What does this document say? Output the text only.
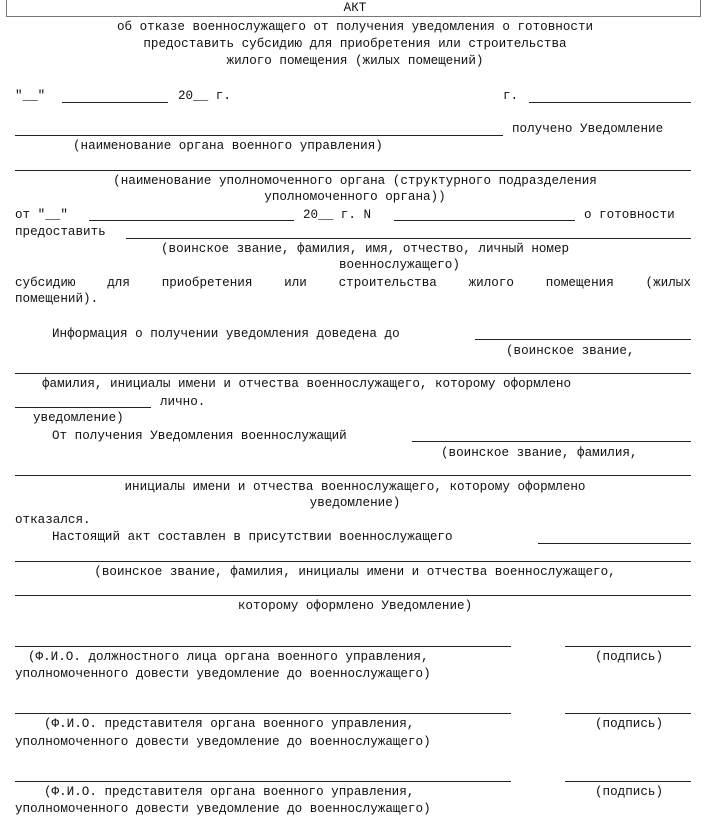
АКТ
об отказе военнослужащего от получения уведомления о готовности
предоставить субсидию для приобретения или строительства
жилого помещения (жилых помещений)
"__"	20__ г.	г.
получено Уведомление
(наименование органа военного управления)
(наименование уполномоченного органа (структурного подразделения
уполномоченного органа))
от "__"	20__ г. N	о готовности
предоставить
(воинское звание, фамилия, имя, отчество, личный номер
военнослужащего)
субсидию	для	приобретения	или	строительства	жилого	помещения	(жилых
помещений).
Информация о получении уведомления доведена до
(воинское звание,
фамилия, инициалы имени и отчества военнослужащего, которому оформлено
лично.
уведомление)
От получения Уведомления военнослужащий
(воинское звание, фамилия,
инициалы имени и отчества военнослужащего, которому оформлено
уведомление)
отказался.
Настоящий акт составлен в присутствии военнослужащего
(воинское звание, фамилия, инициалы имени и отчества военнослужащего,
которому оформлено Уведомление)
(Ф.И.О. должностного лица органа военного управления,	(подпись)
уполномоченного довести уведомление до военнослужащего)
(Ф.И.О. представителя органа военного управления,	(подпись)
уполномоченного довести уведомление до военнослужащего)
(Ф.И.О. представителя органа военного управления,	(подпись)
уполномоченного довести уведомление до военнослужащего)
